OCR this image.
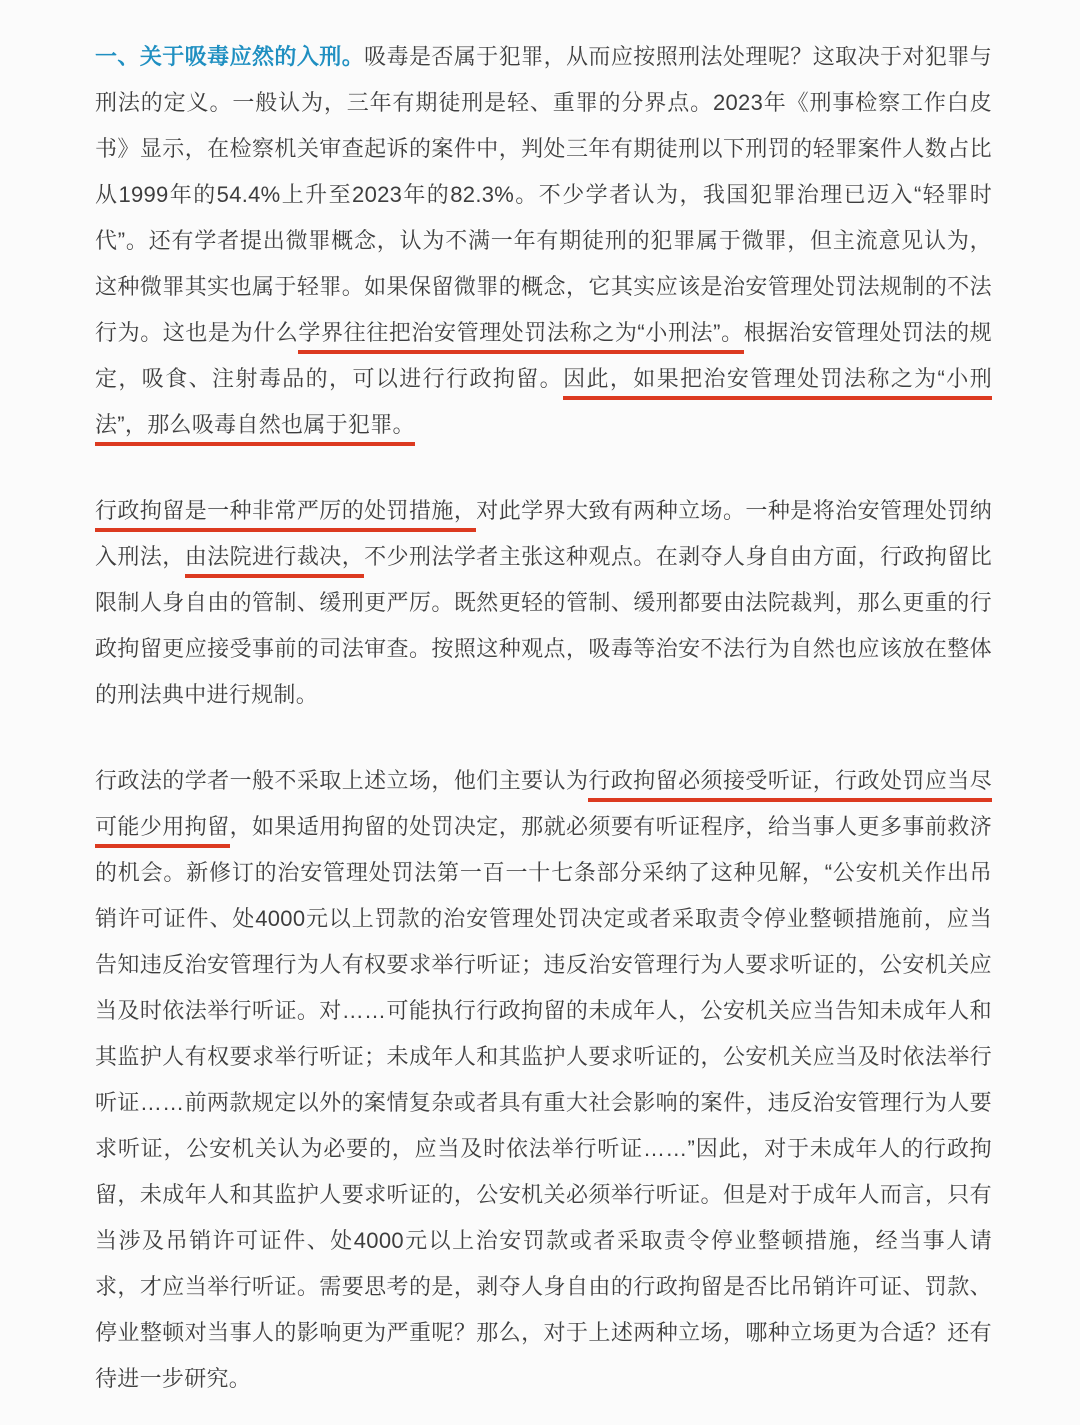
一、关于吸毒应然的入刑。吸毒是否属于犯罪，从而应按照刑法处理呢？这取决于对犯罪与刑法的定义。一般认为，三年有期徒刑是轻、重罪的分界点。2023年《刑事检察工作白皮书》显示，在检察机关审查起诉的案件中，判处三年有期徒刑以下刑罚的轻罪案件人数占比从1999年的54.4%上升至2023年的82.3%。不少学者认为，我国犯罪治理已迈入“轻罪时代”。还有学者提出微罪概念，认为不满一年有期徒刑的犯罪属于微罪，但主流意见认为，这种微罪其实也属于轻罪。如果保留微罪的概念，它其实应该是治安管理处罚法规制的不法行为。这也是为什么学界往往把治安管理处罚法称之为“小刑法”。根据治安管理处罚法的规定，吸食、注射毒品的，可以进行行政拘留。因此，如果把治安管理处罚法称之为“小刑法”，那么吸毒自然也属于犯罪。

行政拘留是一种非常严厉的处罚措施，对此学界大致有两种立场。一种是将治安管理处罚纳入刑法，由法院进行裁决，不少刑法学者主张这种观点。在剥夺人身自由方面，行政拘留比限制人身自由的管制、缓刑更严厉。既然更轻的管制、缓刑都要由法院裁判，那么更重的行政拘留更应接受事前的司法审查。按照这种观点，吸毒等治安不法行为自然也应该放在整体的刑法典中进行规制。

行政法的学者一般不采取上述立场，他们主要认为行政拘留必须接受听证，行政处罚应当尽可能少用拘留，如果适用拘留的处罚决定，那就必须要有听证程序，给当事人更多事前救济的机会。新修订的治安管理处罚法第一百一十七条部分采纳了这种见解，“公安机关作出吊销许可证件、处4000元以上罚款的治安管理处罚决定或者采取责令停业整顿措施前，应当告知违反治安管理行为人有权要求举行听证；违反治安管理行为人要求听证的，公安机关应当及时依法举行听证。对……可能执行行政拘留的未成年人，公安机关应当告知未成年人和其监护人有权要求举行听证；未成年人和其监护人要求听证的，公安机关应当及时依法举行听证……前两款规定以外的案情复杂或者具有重大社会影响的案件，违反治安管理行为人要求听证，公安机关认为必要的，应当及时依法举行听证……”因此，对于未成年人的行政拘留，未成年人和其监护人要求听证的，公安机关必须举行听证。但是对于成年人而言，只有当涉及吊销许可证件、处4000元以上治安罚款或者采取责令停业整顿措施，经当事人请求，才应当举行听证。需要思考的是，剥夺人身自由的行政拘留是否比吊销许可证、罚款、停业整顿对当事人的影响更为严重呢？那么，对于上述两种立场，哪种立场更为合适？还有待进一步研究。
